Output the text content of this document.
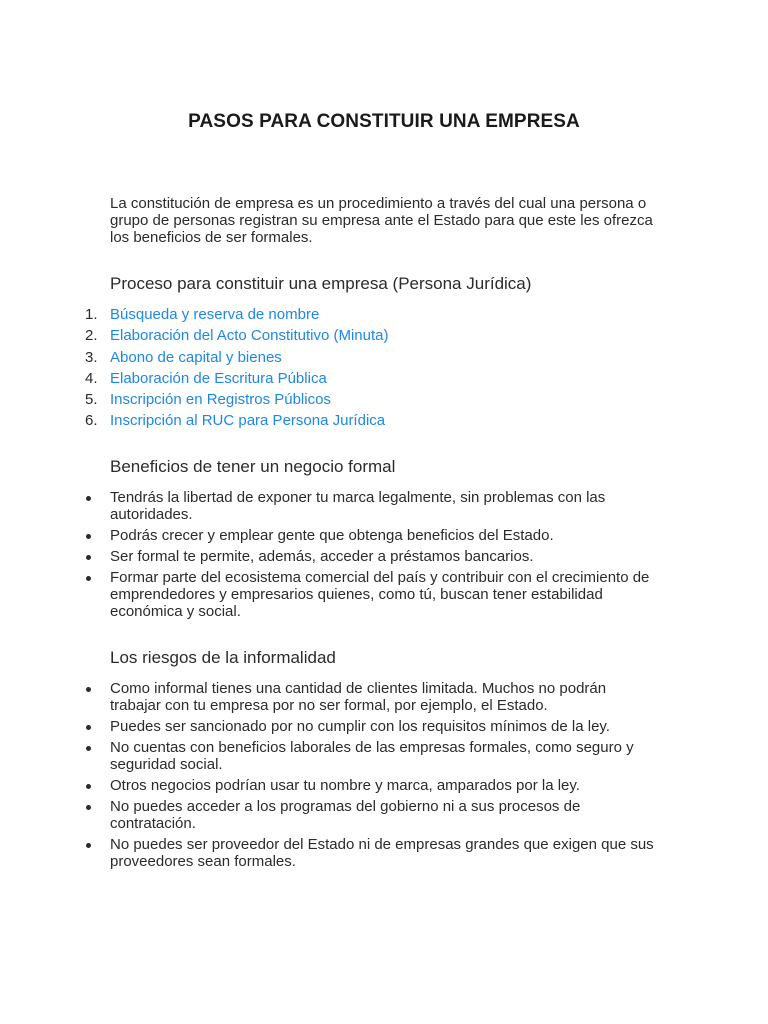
PASOS PARA CONSTITUIR UNA EMPRESA

La constitución de empresa es un procedimiento a través del cual una persona o grupo de personas registran su empresa ante el Estado para que este les ofrezca los beneficios de ser formales.

Proceso para constituir una empresa (Persona Jurídica)
1. Búsqueda y reserva de nombre
2. Elaboración del Acto Constitutivo (Minuta)
3. Abono de capital y bienes
4. Elaboración de Escritura Pública
5. Inscripción en Registros Públicos
6. Inscripción al RUC para Persona Jurídica
Beneficios de tener un negocio formal
Tendrás la libertad de exponer tu marca legalmente, sin problemas con las autoridades.
Podrás crecer y emplear gente que obtenga beneficios del Estado.
Ser formal te permite, además, acceder a préstamos bancarios.
Formar parte del ecosistema comercial del país y contribuir con el crecimiento de emprendedores y empresarios quienes, como tú, buscan tener estabilidad económica y social.
Los riesgos de la informalidad
Como informal tienes una cantidad de clientes limitada. Muchos no podrán trabajar con tu empresa por no ser formal, por ejemplo, el Estado.
Puedes ser sancionado por no cumplir con los requisitos mínimos de la ley.
No cuentas con beneficios laborales de las empresas formales, como seguro y seguridad social.
Otros negocios podrían usar tu nombre y marca, amparados por la ley.
No puedes acceder a los programas del gobierno ni a sus procesos de contratación.
No puedes ser proveedor del Estado ni de empresas grandes que exigen que sus proveedores sean formales.
